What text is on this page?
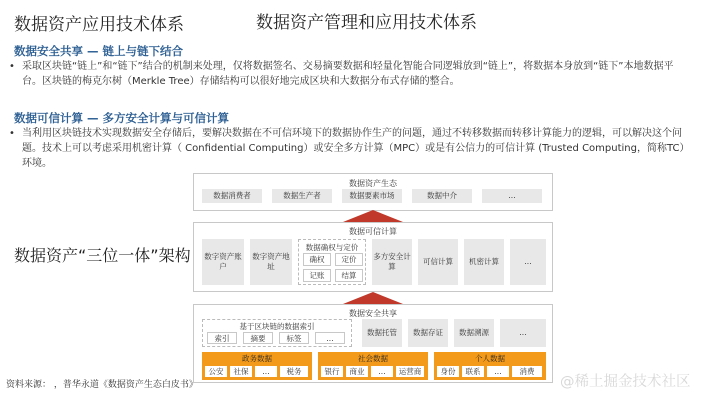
数据资产应用技术体系	数据资产管理和应用技术体系
数据安全共享 — 链上与链下结合
• 采取区块链“链上”和“链下”结合的机制来处理，仅将数据签名、交易摘要数据和轻量化智能合同逻辑放到“链上”，将数据本身放到“链下”本地数据平台。区块链的梅克尔树（Merkle Tree）存储结构可以很好地完成区块和大数据分布式存储的整合。
数据可信计算 — 多方安全计算与可信计算
• 当利用区块链技术实现数据安全存储后，要解决数据在不可信环境下的数据协作生产的问题，通过不转移数据而转移计算能力的逻辑，可以解决这个问题。技术上可以考虑采用机密计算（ Confidential Computing）或安全多方计算（MPC）或是有公信力的可信计算 (Trusted Computing，简称TC）环境。
数据资产“三位一体”架构
数据资产生态
数据消费者	数据生产者	数据要素市场	数据中介	...
数据可信计算
数字资产账户
数字资产地址
数据确权与定价
确权	定价
记账	结算
多方安全计算
可信计算	机密计算	...
数据安全共享
基于区块链的数据索引
索引	摘要	标签	...
数据托管	数据存证	数据溯源	...
政务数据
公安	社保	...	税务
社会数据
银行	商业	...	运营商
个人数据
身份	联系	...	消费
资料来源： ，普华永道《数据资产生态白皮书》	@稀土掘金技术社区
